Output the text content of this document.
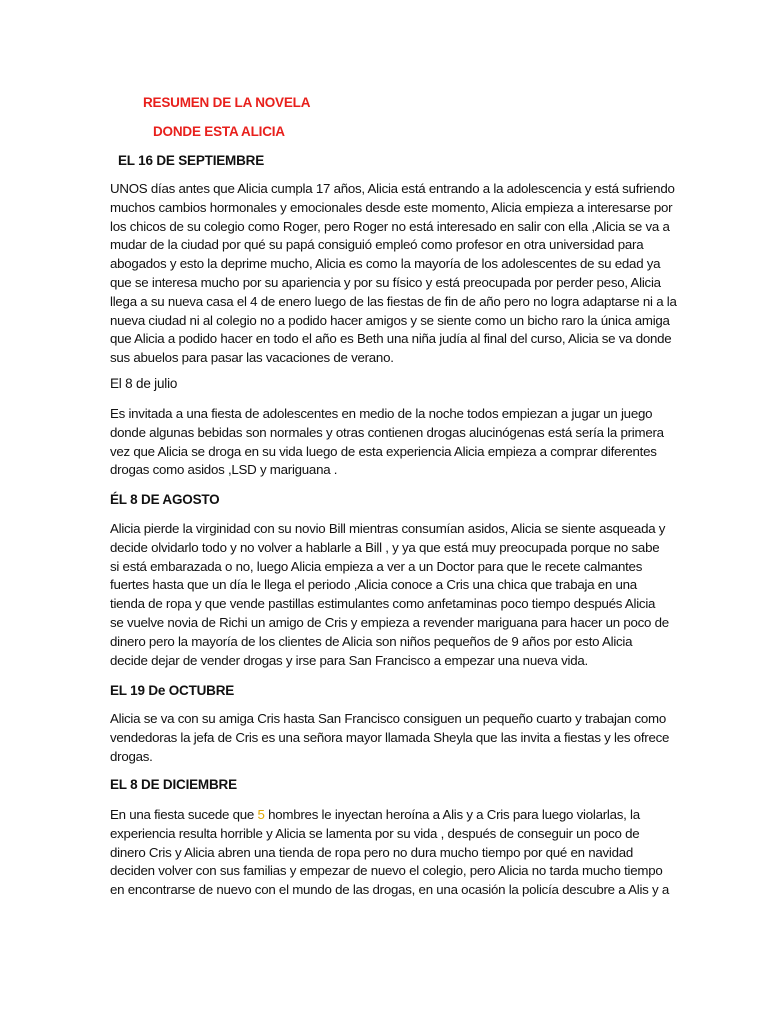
RESUMEN DE LA NOVELA
DONDE ESTA ALICIA
EL 16 DE SEPTIEMBRE
UNOS días antes que Alicia cumpla 17 años, Alicia está entrando a la adolescencia y está sufriendo
muchos cambios hormonales y emocionales desde este momento, Alicia empieza a interesarse por
los chicos de su colegio como Roger, pero Roger no está interesado en salir con ella ,Alicia se va a
mudar de la ciudad por qué su papá consiguió empleó como profesor en otra universidad para
abogados y esto la deprime mucho, Alicia es como la mayoría de los adolescentes de su edad ya
que se interesa mucho por su apariencia y por su físico y está preocupada por perder peso, Alicia
llega a su nueva casa el 4 de enero luego de las fiestas de fin de año pero no logra adaptarse ni a la
nueva ciudad ni al colegio no a podido hacer amigos y se siente como un bicho raro la única amiga
que Alicia a podido hacer en todo el año es Beth una niña judía al final del curso, Alicia se va donde
sus abuelos para pasar las vacaciones de verano.
El 8 de julio
Es invitada a una fiesta de adolescentes en medio de la noche todos empiezan a jugar un juego
donde algunas bebidas son normales y otras contienen drogas alucinógenas está sería la primera
vez que Alicia se droga en su vida luego de esta experiencia Alicia empieza a comprar diferentes
drogas como asidos ,LSD y mariguana .
ÉL 8 DE AGOSTO
Alicia pierde la virginidad con su novio Bill mientras consumían asidos, Alicia se siente asqueada y
decide olvidarlo todo y no volver a hablarle a Bill , y ya que está muy preocupada porque no sabe
si está embarazada o no, luego Alicia empieza a ver a un Doctor para que le recete calmantes
fuertes hasta que un día le llega el periodo ,Alicia conoce a Cris una chica que trabaja en una
tienda de ropa y que vende pastillas estimulantes como anfetaminas poco tiempo después Alicia
se vuelve novia de Richi un amigo de Cris y empieza a revender mariguana para hacer un poco de
dinero pero la mayoría de los clientes de Alicia son niños pequeños de 9 años por esto Alicia
decide dejar de vender drogas y irse para San Francisco a empezar una nueva vida.
EL 19 De OCTUBRE
Alicia se va con su amiga Cris hasta San Francisco consiguen un pequeño cuarto y trabajan como
vendedoras la jefa de Cris es una señora mayor llamada Sheyla que las invita a fiestas y les ofrece
drogas.
EL 8 DE DICIEMBRE
En una fiesta sucede que 5 hombres le inyectan heroína a Alis y a Cris para luego violarlas, la
experiencia resulta horrible y Alicia se lamenta por su vida , después de conseguir un poco de
dinero Cris y Alicia abren una tienda de ropa pero no dura mucho tiempo por qué en navidad
deciden volver con sus familias y empezar de nuevo el colegio, pero Alicia no tarda mucho tiempo
en encontrarse de nuevo con el mundo de las drogas, en una ocasión la policía descubre a Alis y a
